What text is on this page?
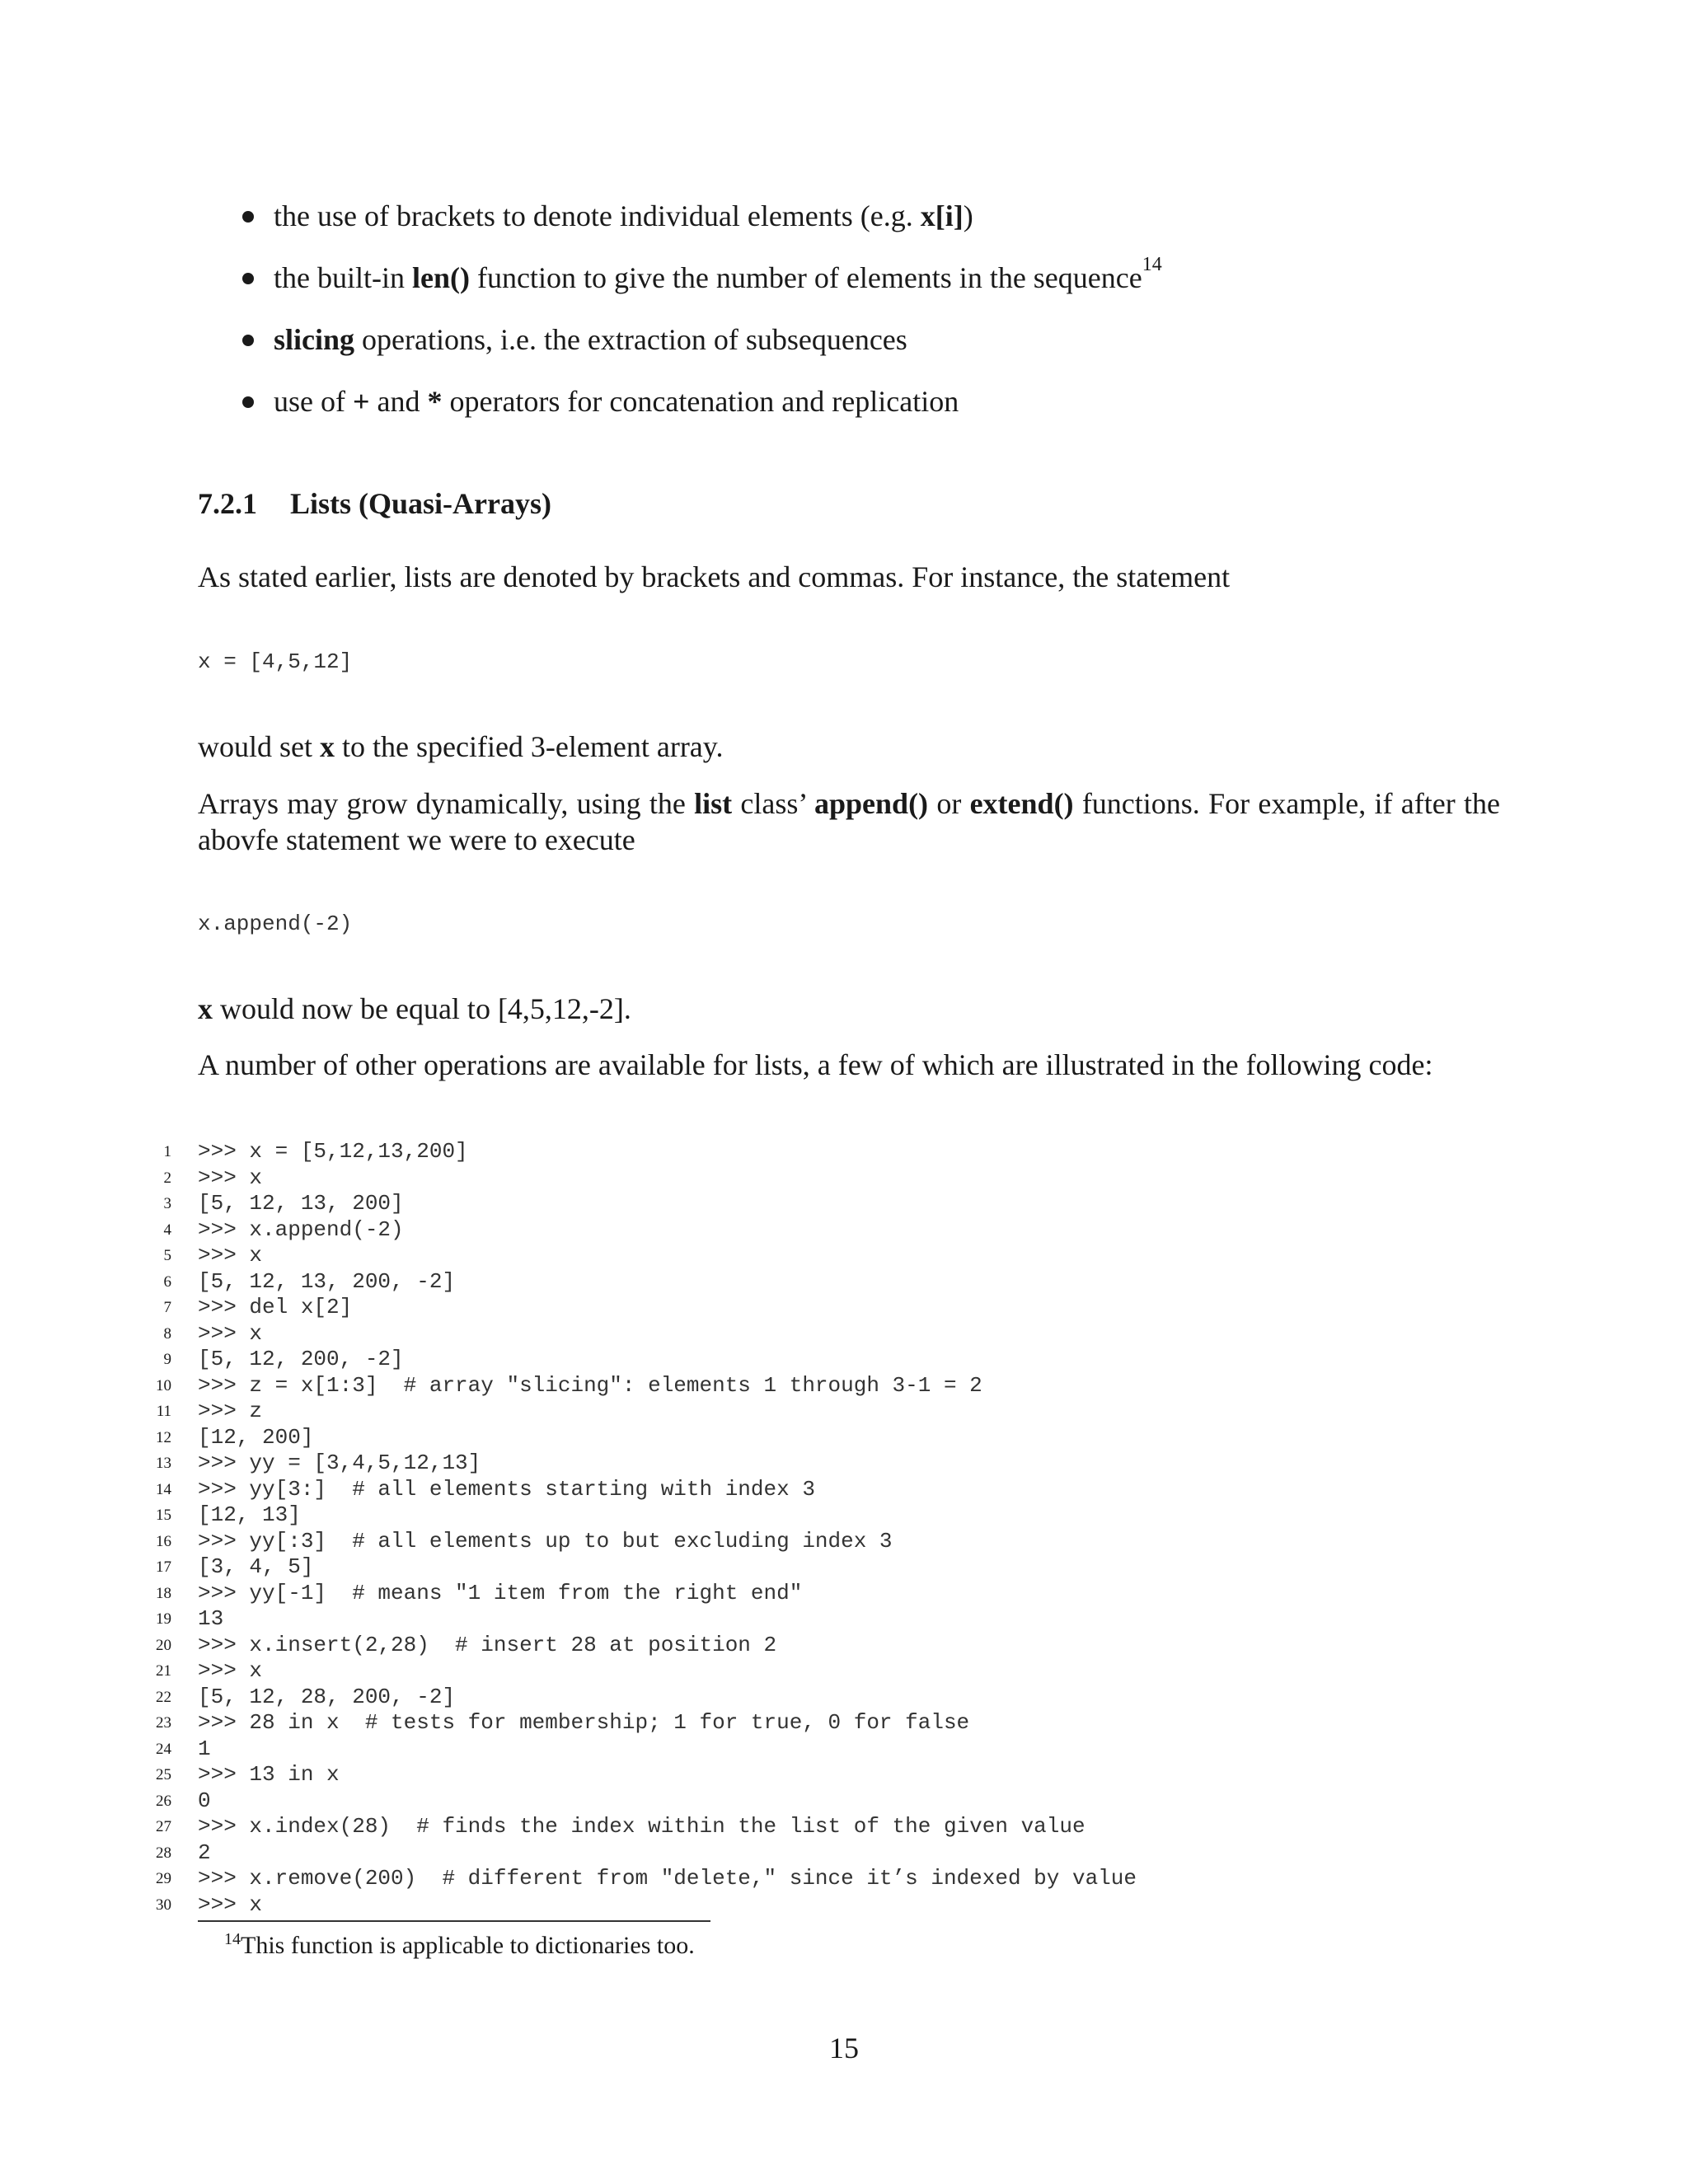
the use of brackets to denote individual elements (e.g. x[i])
the built-in len() function to give the number of elements in the sequence$^{14}$
slicing operations, i.e. the extraction of subsequences
use of + and * operators for concatenation and replication
7.2.1 Lists (Quasi-Arrays)
As stated earlier, lists are denoted by brackets and commas. For instance, the statement
x = [4,5,12]
would set x to the specified 3-element array.
Arrays may grow dynamically, using the list class’ append() or extend() functions. For example, if after the abovfe statement we were to execute
x.append(-2)
x would now be equal to [4,5,12,-2].
A number of other operations are available for lists, a few of which are illustrated in the following code:
1 >>> x = [5,12,13,200]
2 >>> x
3 [5, 12, 13, 200]
4 >>> x.append(-2)
5 >>> x
6 [5, 12, 13, 200, -2]
7 >>> del x[2]
8 >>> x
9 [5, 12, 200, -2]
10 >>> z = x[1:3]  # array "slicing": elements 1 through 3-1 = 2
11 >>> z
12 [12, 200]
13 >>> yy = [3,4,5,12,13]
14 >>> yy[3:]  # all elements starting with index 3
15 [12, 13]
16 >>> yy[:3]  # all elements up to but excluding index 3
17 [3, 4, 5]
18 >>> yy[-1]  # means "1 item from the right end"
19 13
20 >>> x.insert(2,28)  # insert 28 at position 2
21 >>> x
22 [5, 12, 28, 200, -2]
23 >>> 28 in x  # tests for membership; 1 for true, 0 for false
24 1
25 >>> 13 in x
26 0
27 >>> x.index(28)  # finds the index within the list of the given value
28 2
29 >>> x.remove(200)  # different from "delete," since it’s indexed by value
30 >>> x
$^{14}$This function is applicable to dictionaries too.
15
